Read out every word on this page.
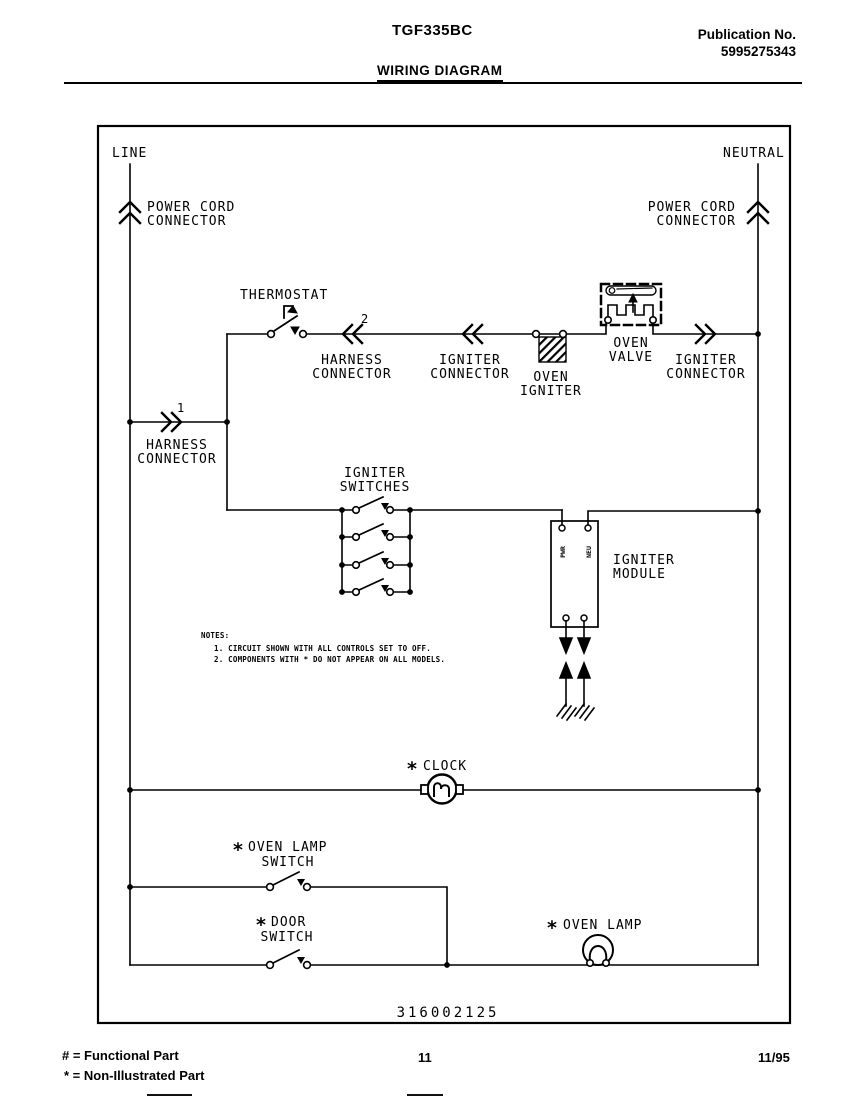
TGF335BC	Publication No.
5995275343
WIRING DIAGRAM
PWR	NEU
LINE	NEUTRAL
POWER CORD
CONNECTOR
POWER CORD
CONNECTOR
THERMOSTAT
2
HARNESS
CONNECTOR
IGNITER
CONNECTOR OVEN
IGNITER
OVEN
VALVE IGNITER
CONNECTOR
1
HARNESS
CONNECTOR
IGNITER
SWITCHES
IGNITER
MODULE
NOTES:
1. CIRCUIT SHOWN WITH ALL CONTROLS SET TO OFF.
2. COMPONENTS WITH * DO NOT APPEAR ON ALL MODELS.
* CLOCK
* OVEN LAMP
SWITCH
* DOOR
SWITCH	* OVEN LAMP
316002125
# = Functional Part
* = Non-Illustrated Part
11	11/95
